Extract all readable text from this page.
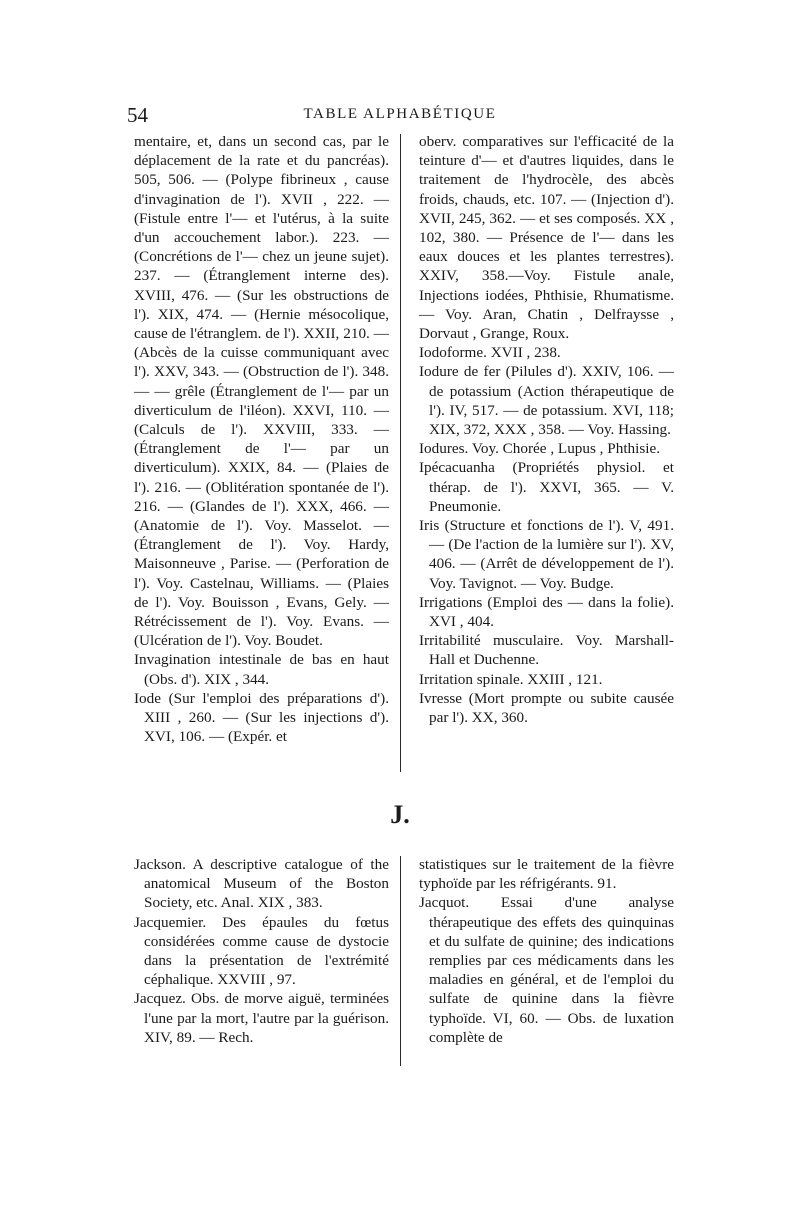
54	TABLE ALPHABÉTIQUE

mentaire, et, dans un second cas, par le déplacement de la rate et du pancréas). 505, 506. — (Polype fibrineux , cause d'invagination de l'). XVII , 222. — (Fistule entre l'— et l'utérus, à la suite d'un accouchement labor.). 223. — (Concrétions de l'— chez un jeune sujet). 237. — (Étranglement interne des). XVIII, 476. — (Sur les obstructions de l'). XIX, 474. — (Hernie mésocolique, cause de l'étranglem. de l'). XXII, 210. — (Abcès de la cuisse communiquant avec l'). XXV, 343. — (Obstruction de l'). 348. — — grêle (Étranglement de l'— par un diverticulum de l'iléon). XXVI, 110. — (Calculs de l'). XXVIII, 333. — (Étranglement de l'— par un diverticulum). XXIX, 84. — (Plaies de l'). 216. — (Oblitération spontanée de l'). 216. — (Glandes de l'). XXX, 466. — (Anatomie de l'). Voy. Masselot. — (Étranglement de l'). Voy. Hardy, Maisonneuve , Parise. — (Perforation de l'). Voy. Castelnau, Williams. — (Plaies de l'). Voy. Bouisson , Evans, Gely. — Rétrécissement de l'). Voy. Evans. — (Ulcération de l'). Voy. Boudet.

Invagination intestinale de bas en haut (Obs. d'). XIX , 344.

Iode (Sur l'emploi des préparations d'). XIII , 260. — (Sur les injections d'). XVI, 106. — (Expér. et

oberv. comparatives sur l'efficacité de la teinture d'— et d'autres liquides, dans le traitement de l'hydrocèle, des abcès froids, chauds, etc. 107. — (Injection d'). XVII, 245, 362. — et ses composés. XX , 102, 380. — Présence de l'— dans les eaux douces et les plantes terrestres). XXIV, 358.—Voy. Fistule anale, Injections iodées, Phthisie, Rhumatisme. — Voy. Aran, Chatin , Delfraysse , Dorvaut , Grange, Roux.

Iodoforme. XVII , 238.

Iodure de fer (Pilules d'). XXIV, 106. — de potassium (Action thérapeutique de l'). IV, 517. — de potassium. XVI, 118; XIX, 372, XXX , 358. — Voy. Hassing.

Iodures. Voy. Chorée , Lupus , Phthisie.

Ipécacuanha (Propriétés physiol. et thérap. de l'). XXVI, 365. — V. Pneumonie.

Iris (Structure et fonctions de l'). V, 491. — (De l'action de la lumière sur l'). XV, 406. — (Arrêt de développement de l'). Voy. Tavignot. — Voy. Budge.

Irrigations (Emploi des — dans la folie). XVI , 404.

Irritabilité musculaire. Voy. Marshall-Hall et Duchenne.

Irritation spinale. XXIII , 121.

Ivresse (Mort prompte ou subite causée par l'). XX, 360.

J.

Jackson. A descriptive catalogue of the anatomical Museum of the Boston Society, etc. Anal. XIX , 383.

Jacquemier. Des épaules du fœtus considérées comme cause de dystocie dans la présentation de l'extrémité céphalique. XXVIII , 97.

Jacquez. Obs. de morve aiguë, terminées l'une par la mort, l'autre par la guérison. XIV, 89. — Rech.

statistiques sur le traitement de la fièvre typhoïde par les réfrigérants. 91.

Jacquot. Essai d'une analyse thérapeutique des effets des quinquinas et du sulfate de quinine; des indications remplies par ces médicaments dans les maladies en général, et de l'emploi du sulfate de quinine dans la fièvre typhoïde. VI, 60. — Obs. de luxation complète de
